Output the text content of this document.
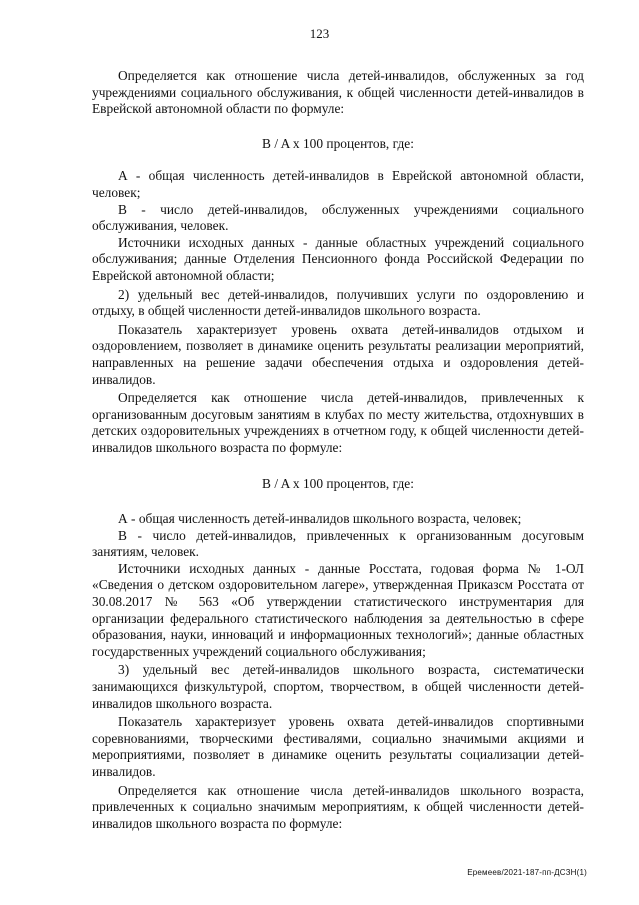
123

Определяется как отношение числа детей-инвалидов, обслуженных за год учреждениями социального обслуживания, к общей численности детей-инвалидов в Еврейской автономной области по формуле:

B / A x 100 процентов, где:

А - общая численность детей-инвалидов в Еврейской автономной области, человек;

В - число детей-инвалидов, обслуженных учреждениями социального обслуживания, человек.

Источники исходных данных - данные областных учреждений социального обслуживания; данные Отделения Пенсионного фонда Российской Федерации по Еврейской автономной области;

2) удельный вес детей-инвалидов, получивших услуги по оздоровлению и отдыху, в общей численности детей-инвалидов школьного возраста.

Показатель характеризует уровень охвата детей-инвалидов отдыхом и оздоровлением, позволяет в динамике оценить результаты реализации мероприятий, направленных на решение задачи обеспечения отдыха и оздоровления детей-инвалидов.

Определяется как отношение числа детей-инвалидов, привлеченных к организованным досуговым занятиям в клубах по месту жительства, отдохнувших в детских оздоровительных учреждениях в отчетном году, к общей численности детей-инвалидов школьного возраста по формуле:

B / A x 100 процентов, где:

А - общая численность детей-инвалидов школьного возраста, человек;

В - число детей-инвалидов, привлеченных к организованным досуговым занятиям, человек.

Источники исходных данных - данные Росстата, годовая форма № 1-ОЛ «Сведения о детском оздоровительном лагере», утвержденная Приказсм Росстата от 30.08.2017 № 563 «Об утверждении статистического инструментария для организации федерального статистического наблюдения за деятельностью в сфере образования, науки, инноваций и информационных технологий»; данные областных государственных учреждений социального обслуживания;

3) удельный вес детей-инвалидов школьного возраста, систематически занимающихся физкультурой, спортом, творчеством, в общей численности детей-инвалидов школьного возраста.

Показатель характеризует уровень охвата детей-инвалидов спортивными соревнованиями, творческими фестивалями, социально значимыми акциями и мероприятиями, позволяет в динамике оценить результаты социализации детей-инвалидов.

Определяется как отношение числа детей-инвалидов школьного возраста, привлеченных к социально значимым мероприятиям, к общей численности детей-инвалидов школьного возраста по формуле:

Еремеев/2021-187-пп-ДСЗН(1)
